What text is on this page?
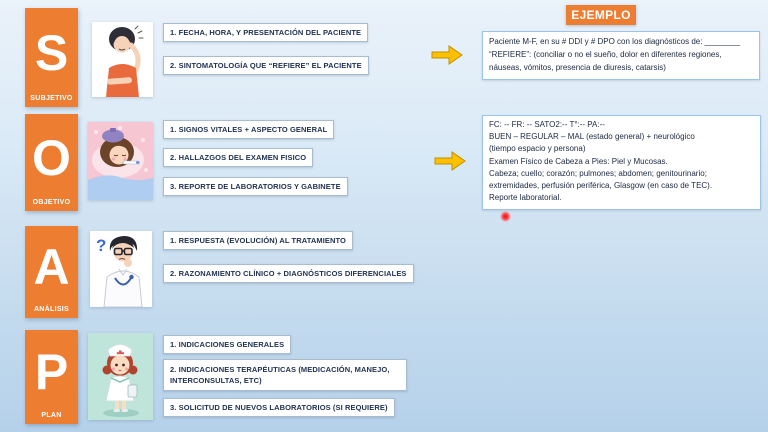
EJEMPLO
S
SUBJETIVO
1. FECHA, HORA, Y PRESENTACIÓN DEL PACIENTE
2. SINTOMATOLOGÍA QUE “REFIERE” EL PACIENTE
Paciente M-F, en su # DDI y # DPO con los diagnósticos de: ________
“REFIERE”: (conciliar o no el sueño, dolor en diferentes regiones,
náuseas, vómitos, presencia de diuresis, catarsis)
O
OBJETIVO
1. SIGNOS VITALES + ASPECTO GENERAL
2. HALLAZGOS DEL EXAMEN FISICO
3. REPORTE DE LABORATORIOS Y GABINETE
FC: -- FR: -- SATO2:-- T°:-- PA:--
BUEN – REGULAR – MAL (estado general) + neurológico
(tiempo espacio y persona)
Examen Físico de Cabeza a Pies: Piel y Mucosas.
Cabeza; cuello; corazón; pulmones; abdomen; genitourinario;
extremidades, perfusión periférica, Glasgow (en caso de TEC).
Reporte laboratorial.
A
ANÁLISIS
?	1. RESPUESTA (EVOLUCIÓN) AL TRATAMIENTO
2. RAZONAMIENTO CLÍNICO + DIAGNÓSTICOS DIFERENCIALES
P
PLAN
1. INDICACIONES GENERALES
2. INDICACIONES TERAPÉUTICAS (MEDICACIÓN, MANEJO, INTERCONSULTAS, ETC)
3. SOLICITUD DE NUEVOS LABORATORIOS (SI REQUIERE)
